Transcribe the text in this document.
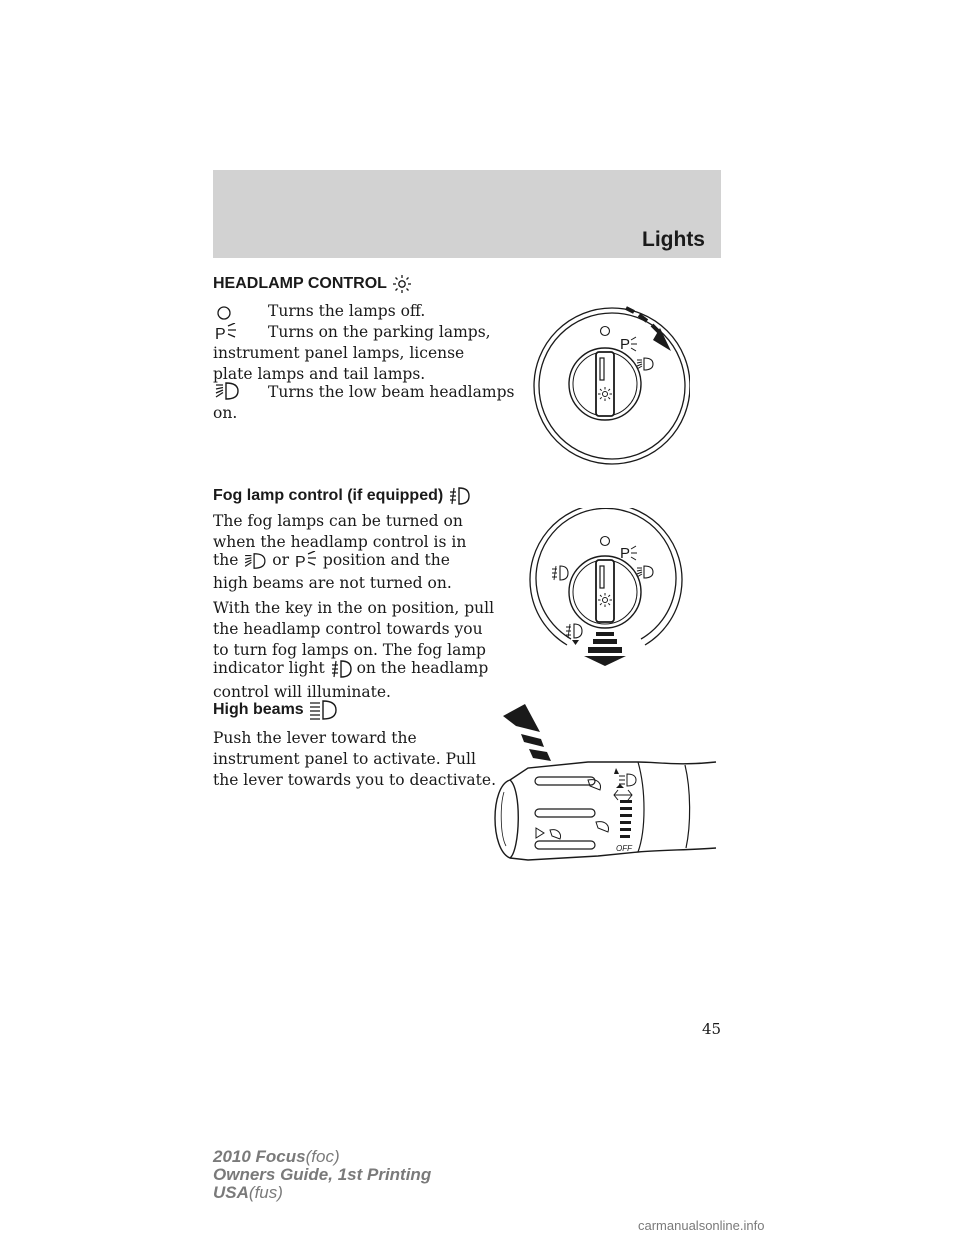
Lights
HEADLAMP CONTROL
Turns the lamps off.
P	Turns on the parking lamps,
instrument panel lamps, license
plate lamps and tail lamps.
Turns the low beam headlamps
on.
P
Fog lamp control (if equipped)
The fog lamps can be turned on
when the headlamp control is in
the or P position and the
high beams are not turned on.
With the key in the on position, pull
the headlamp control towards you
to turn fog lamps on. The fog lamp
indicator light on the headlamp
control will illuminate.
P
High beams
Push the lever toward the
instrument panel to activate. Pull
the lever towards you to deactivate.
OFF
45
2010 Focus(foc)
Owners Guide, 1st Printing
USA(fus)
carmanualsonline.info
